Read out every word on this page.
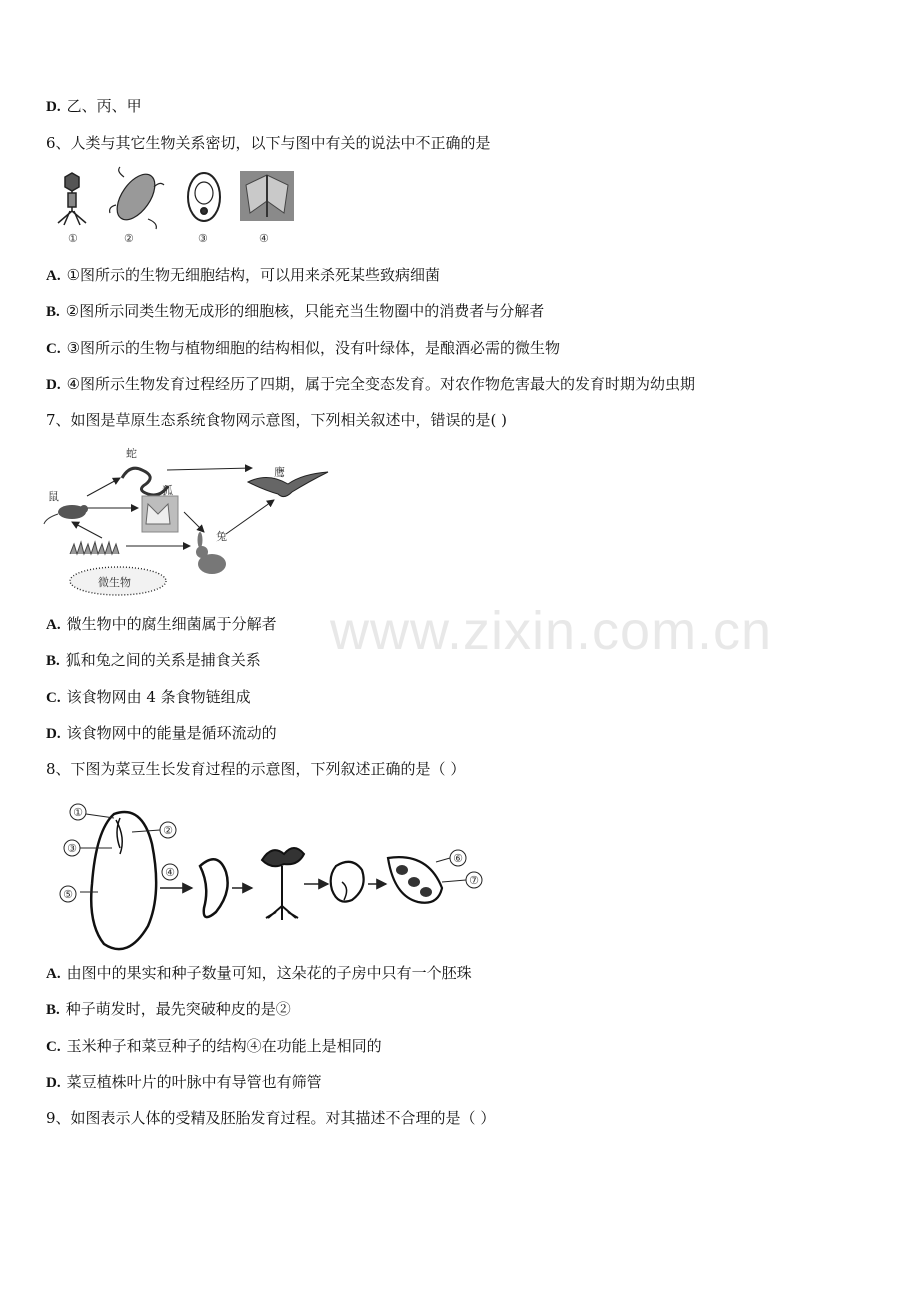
www.zixin.com.cn
D. 乙、丙、甲
6、人类与其它生物关系密切，以下与图中有关的说法中不正确的是
①	②	③	④
A. ①图所示的生物无细胞结构，可以用来杀死某些致病细菌
B. ②图所示同类生物无成形的细胞核，只能充当生物圈中的消费者与分解者
C. ③图所示的生物与植物细胞的结构相似，没有叶绿体，是酿酒必需的微生物
D. ④图所示生物发育过程经历了四期，属于完全变态发育。对农作物危害最大的发育时期为幼虫期
7、如图是草原生态系统食物网示意图，下列相关叙述中，错误的是( )
蛇
鹰
鼠	狐
兔
微生物
A. 微生物中的腐生细菌属于分解者
B. 狐和兔之间的关系是捕食关系
C. 该食物网由 4 条食物链组成
D. 该食物网中的能量是循环流动的
8、下图为菜豆生长发育过程的示意图，下列叙述正确的是（ ）
①
②
③
④
⑤
⑥
⑦
A. 由图中的果实和种子数量可知，这朵花的子房中只有一个胚珠
B. 种子萌发时，最先突破种皮的是②
C. 玉米种子和菜豆种子的结构④在功能上是相同的
D. 菜豆植株叶片的叶脉中有导管也有筛管
9、如图表示人体的受精及胚胎发育过程。对其描述不合理的是（ ）
